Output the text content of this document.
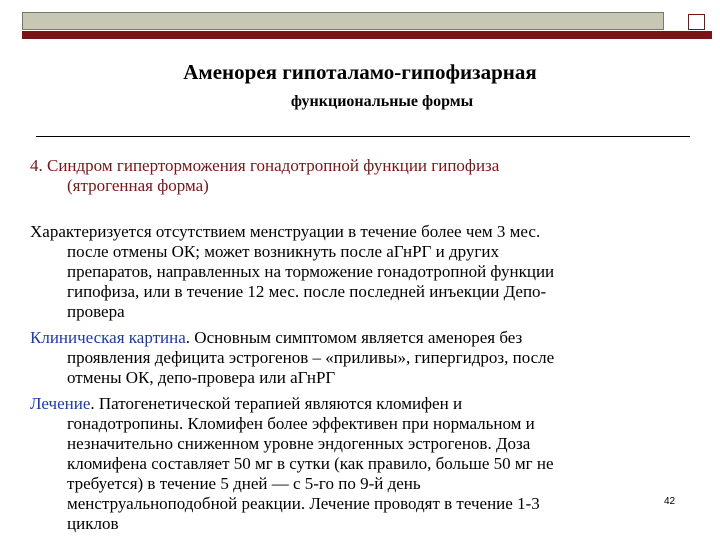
Аменорея гипоталамо-гипофизарная
функциональные формы
4. Синдром гиперторможения гонадотропной функции гипофиза
(ятрогенная форма)
Характеризуется отсутствием менструации в течение более чем 3 мес.
после отмены ОК; может возникнуть после аГнРГ и других
препаратов, направленных на торможение гонадотропной функции
гипофиза, или в течение 12 мес. после последней инъекции Депо-
провера
Клиническая картина. Основным симптомом является аменорея без
проявления дефицита эстрогенов – «приливы», гипергидроз, после
отмены ОК, депо-провера или аГнРГ
Лечение. Патогенетической терапией являются кломифен и
гонадотропины. Кломифен более эффективен при нормальном и
незначительно сниженном уровне эндогенных эстрогенов. Доза
кломифена составляет 50 мг в сутки (как правило, больше 50 мг не
требуется) в течение 5 дней — с 5-го по 9-й день
менструальноподобной реакции. Лечение проводят в течение 1-3
циклов
42
